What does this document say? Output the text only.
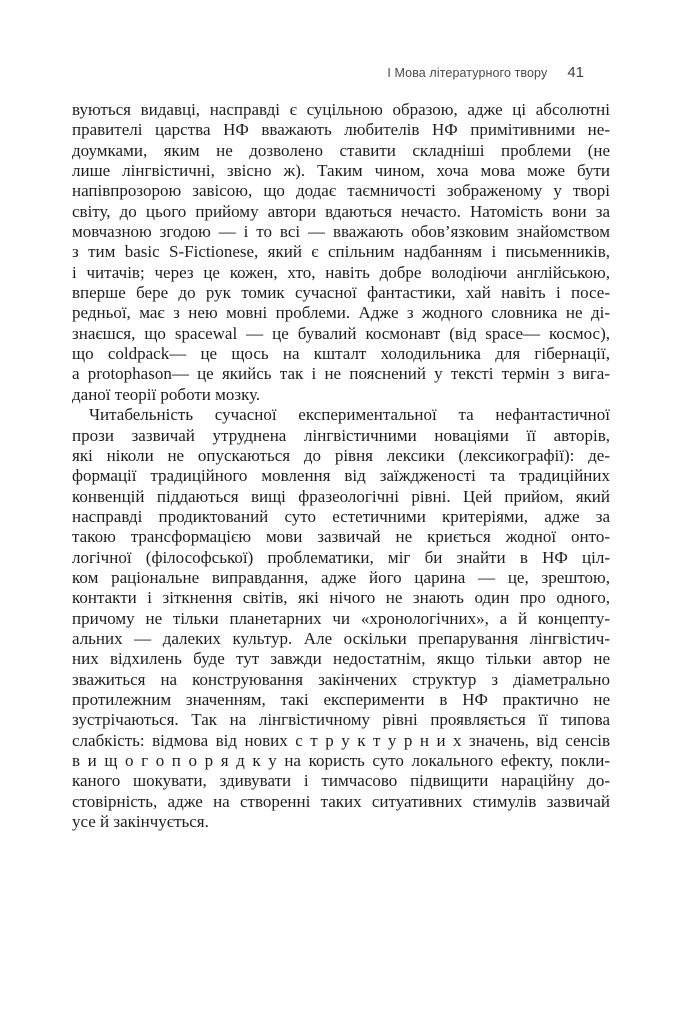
І Мова літературного твору 41
вуються видавці, насправді є суцільною образою, адже ці абсолютні
правителі царства НФ вважають любителів НФ примітивними не-
доумками, яким не дозволено ставити складніші проблеми (не
лише лінгвістичні, звісно ж). Таким чином, хоча мова може бути
напівпрозорою завісою, що додає таємничості зображеному у творі
світу, до цього прийому автори вдаються нечасто. Натомість вони за
мовчазною згодою — і то всі — вважають обов’язковим знайомством
з тим basic S-Fictionese, який є спільним надбанням і письменників,
і читачів; через це кожен, хто, навіть добре володіючи англійською,
вперше бере до рук томик сучасної фантастики, хай навіть і посе-
редньої, має з нею мовні проблеми. Адже з жодного словника не ді-
знаєшся, що spacewal — це бувалий космонавт (від space— космос),
що coldpack— це щось на кшталт холодильника для гібернації,
а protophason— це якийсь так і не пояснений у тексті термін з вига-
даної теорії роботи мозку.
Читабельність сучасної експериментальної та нефантастичної
прози зазвичай утруднена лінгвістичними новаціями її авторів,
які ніколи не опускаються до рівня лексики (лексикографії): де-
формації традиційного мовлення від заїждженості та традиційних
конвенцій піддаються вищі фразеологічні рівні. Цей прийом, який
насправді продиктований суто естетичними критеріями, адже за
такою трансформацією мови зазвичай не криється жодної онто-
логічної (філософської) проблематики, міг би знайти в НФ ціл-
ком раціональне виправдання, адже його царина — це, зрештою,
контакти і зіткнення світів, які нічого не знають один про одного,
причому не тільки планетарних чи «хронологічних», а й концепту-
альних — далеких культур. Але оскільки препарування лінгвістич-
них відхилень буде тут завжди недостатнім, якщо тільки автор не
зважиться на конструювання закінчених структур з діаметрально
протилежним значенням, такі експерименти в НФ практично не
зустрічаються. Так на лінгвістичному рівні проявляється її типова
слабкість: відмова від нових с т р у к т у р н и х значень, від сенсів
в и щ о г о п о р я д к у на користь суто локального ефекту, покли-
каного шокувати, здивувати і тимчасово підвищити нараційну до-
стовірність, адже на створенні таких ситуативних стимулів зазвичай
усе й закінчується.
